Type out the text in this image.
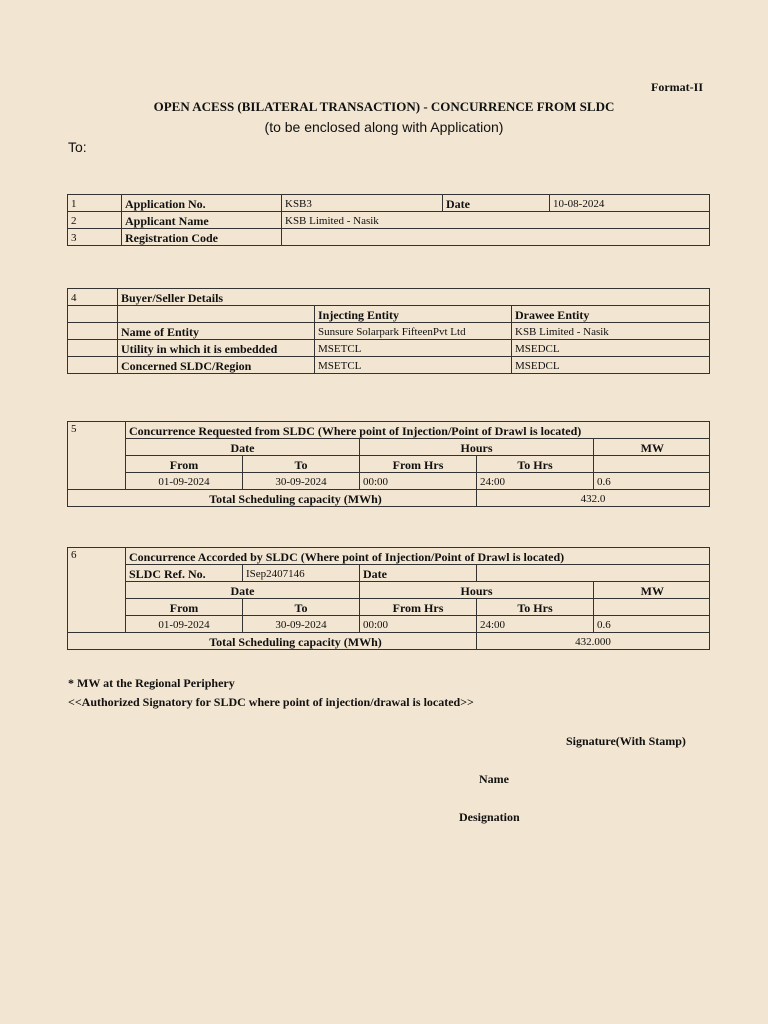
Format-II
OPEN ACESS (BILATERAL TRANSACTION) - CONCURRENCE FROM SLDC
(to be enclosed along with Application)
To:
1	Application No.	KSB3	Date	10-08-2024
2	Applicant Name	KSB Limited - Nasik		
3	Registration Code			
4	Buyer/Seller Details		
		Injecting Entity	Drawee Entity
	Name of Entity	Sunsure Solarpark FifteenPvt Ltd	KSB Limited - Nasik
	Utility in which it is embedded	MSETCL	MSEDCL
	Concerned SLDC/Region	MSETCL	MSEDCL
5	Concurrence Requested from SLDC (Where point of Injection/Point of Drawl is located)				
	Date		Hours		MW
	From	To	From Hrs	To Hrs	
	01-09-2024	30-09-2024	00:00	24:00	0.6
Total Scheduling capacity (MWh)				432.0	
6	Concurrence Accorded by SLDC (Where point of Injection/Point of Drawl is located)				
	SLDC Ref. No.	ISep2407146	Date		
	Date		Hours		MW
	From	To	From Hrs	To Hrs	
	01-09-2024	30-09-2024	00:00	24:00	0.6
Total Scheduling capacity (MWh)				432.000	
* MW at the Regional Periphery
<<Authorized Signatory for SLDC where point of injection/drawal is located>>
Signature(With Stamp)
Name
Designation
